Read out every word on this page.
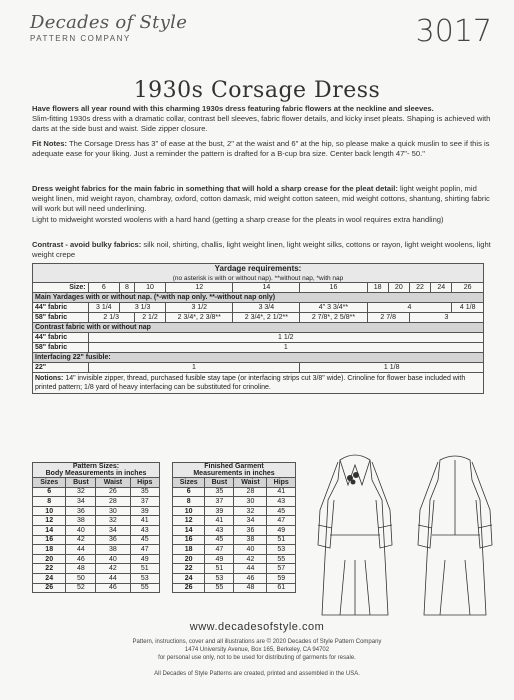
Decades of Style
PATTERN COMPANY	3017
1930s Corsage Dress
Have flowers all year round with this charming 1930s dress featuring fabric flowers at the neckline and sleeves.
Slim-fitting 1930s dress with a dramatic collar, contrast bell sleeves, fabric flower details, and kicky inset pleats. Shaping is achieved with darts at the side bust and waist. Side zipper closure.
Fit Notes: The Corsage Dress has 3" of ease at the bust, 2" at the waist and 6" at the hip, so please make a quick muslin to see if this is adequate ease for your liking. Just a reminder the pattern is drafted for a B-cup bra size. Center back length 47"- 50."
Dress weight fabrics for the main fabric in something that will hold a sharp crease for the pleat detail: light weight poplin, mid weight linen, mid weight rayon, chambray, oxford, cotton damask, mid weight cotton sateen, mid weight cottons, shantung, shirting fabric will work but will need underlining.
Light to midweight worsted woolens with a hard hand (getting a sharp crease for the pleats in wool requires extra handling)
Contrast - avoid bulky fabrics: silk noil, shirting, challis, light weight linen, light weight silks, cottons or rayon, light weight woolens, light weight crepe
Yardage requirements:
(no asterisk is with or without nap). **without nap, *with nap											
Size:	6	8	10	12	14	16	18	20	22	24	26
Main Yardages with or without nap. (*-with nap only. **-without nap only)											
44" fabric	3 1/4	3 1/3		3 1/2	3 3/4	4" 3 3/4**	4				4 1/8
58" fabric	2 1/3		2 1/2	2 3/4*, 2 3/8**	2 3/4*, 2 1/2**	2 7/8*, 2 5/8**	2 7/8		3		
Contrast fabric with or without nap											
44" fabric	1 1/2										
58" fabric	1										
Interfacing 22" fusible:											
22"	1					1 1/8					
Notions: 14" invisible zipper, thread, purchased fusible stay tape (or interfacing strips cut 3/8" wide). Crinoline for flower base included with printed pattern; 1/8 yard of heavy interfacing can be substituted for crinoline.											
Pattern Sizes:
Body Measurements in inches			
Sizes	Bust	Waist	Hips
6	32	26	35
8	34	28	37
10	36	30	39
12	38	32	41
14	40	34	43
16	42	36	45
18	44	38	47
20	46	40	49
22	48	42	51
24	50	44	53
26	52	46	55
Finished Garment
Measurements in inches			
Sizes	Bust	Waist	Hips
6	35	28	41
8	37	30	43
10	39	32	45
12	41	34	47
14	43	36	49
16	45	38	51
18	47	40	53
20	49	42	55
22	51	44	57
24	53	46	59
26	55	48	61
www.decadesofstyle.com
Pattern, instructions, cover and all illustrations are © 2020 Decades of Style Pattern Company
1474 University Avenue, Box 165, Berkeley, CA 94702
for personal use only, not to be used for distributing of garments for resale.
All Decades of Style Patterns are created, printed and assembled in the USA.
